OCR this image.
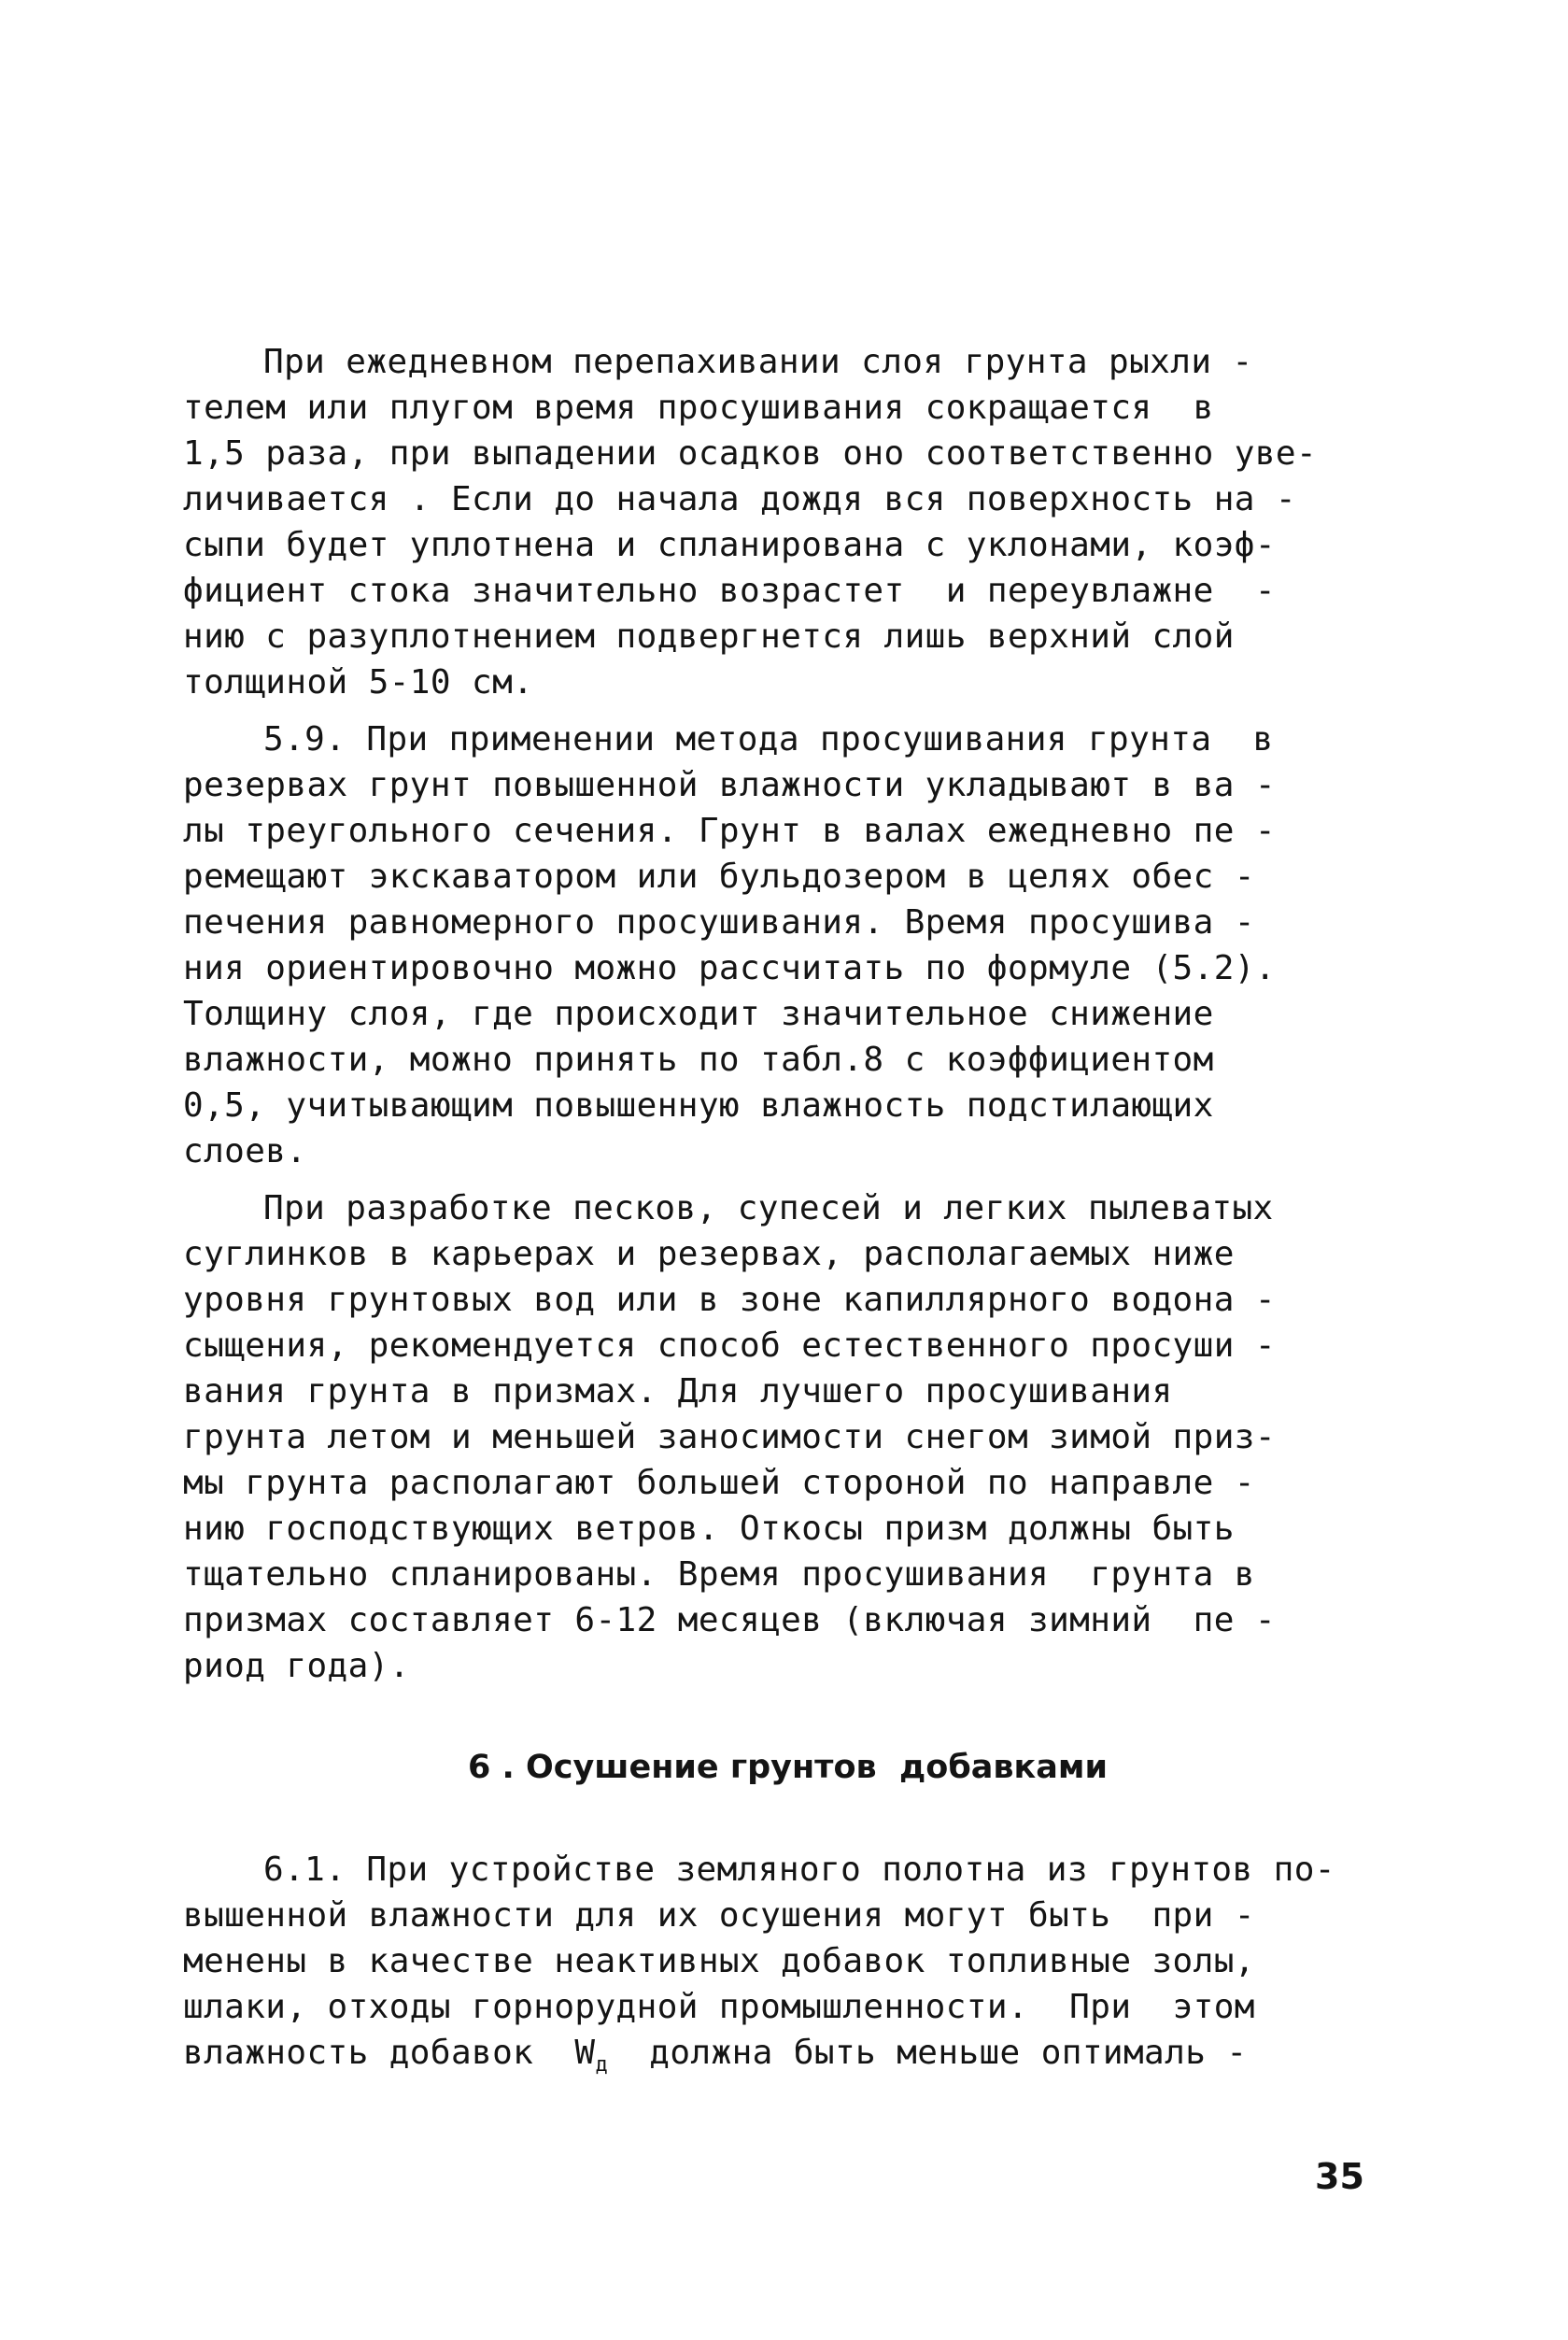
При ежедневном перепахивании слоя грунта рыхли -
телем или плугом время просушивания сокращается  в
1,5 раза, при выпадении осадков оно соответственно уве-
личивается . Если до начала дождя вся поверхность на -
сыпи будет уплотнена и спланирована с уклонами, коэф-
фициент стока значительно возрастет  и переувлажне  -
нию с разуплотнением подвергнется лишь верхний слой
толщиной 5-10 см.
5.9. При применении метода просушивания грунта  в
резервах грунт повышенной влажности укладывают в ва -
лы треугольного сечения. Грунт в валах ежедневно пе -
ремещают экскаватором или бульдозером в целях обес -
печения равномерного просушивания. Время просушива -
ния ориентировочно можно рассчитать по формуле (5.2).
Толщину слоя, где происходит значительное снижение
влажности, можно принять по табл.8 с коэффициентом
0,5, учитывающим повышенную влажность подстилающих
слоев.
При разработке песков, супесей и легких пылеватых
суглинков в карьерах и резервах, располагаемых ниже
уровня грунтовых вод или в зоне капиллярного водона -
сыщения, рекомендуется способ естественного просуши -
вания грунта в призмах. Для лучшего просушивания
грунта летом и меньшей заносимости снегом зимой приз-
мы грунта располагают большей стороной по направле -
нию господствующих ветров. Откосы призм должны быть
тщательно спланированы. Время просушивания  грунта в
призмах составляет 6-12 месяцев (включая зимний  пе -
риод года).
6 . Осушение грунтов  добавками
6.1. При устройстве земляного полотна из грунтов по-
вышенной влажности для их осушения могут быть  при -
менены в качестве неактивных добавок топливные золы,
шлаки, отходы горнорудной промышленности.  При  этом
влажность добавок  $W_д$  должна быть меньше оптималь -
35
